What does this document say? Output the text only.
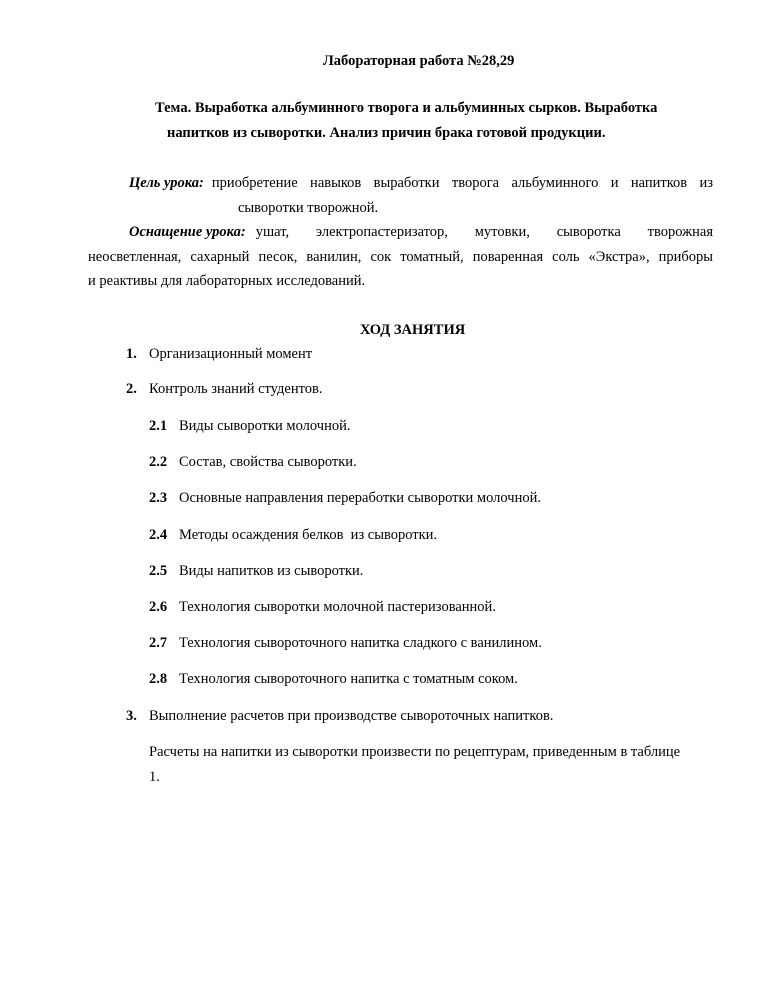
Лабораторная работа №28,29
Тема. Выработка альбуминного творога и альбуминных сырков. Выработка
напитков из сыворотки. Анализ причин брака готовой продукции.
Цель урока: приобретение навыков выработки творога альбуминного и напитков из
сыворотки творожной.
Оснащение урока: ушат, электропастеризатор, мутовки, сыворотка творожная
неосветленная, сахарный песок, ванилин, сок томатный, поваренная соль «Экстра», приборы
и реактивы для лабораторных исследований.
ХОД ЗАНЯТИЯ
1. Организационный момент
2. Контроль знаний студентов.
2.1 Виды сыворотки молочной.
2.2 Состав, свойства сыворотки.
2.3 Основные направления переработки сыворотки молочной.
2.4 Методы осаждения белков  из сыворотки.
2.5 Виды напитков из сыворотки.
2.6 Технология сыворотки молочной пастеризованной.
2.7 Технология сывороточного напитка сладкого с ванилином.
2.8 Технология сывороточного напитка с томатным соком.
3. Выполнение расчетов при производстве сывороточных напитков.
Расчеты на напитки из сыворотки произвести по рецептурам, приведенным в таблице
1.
